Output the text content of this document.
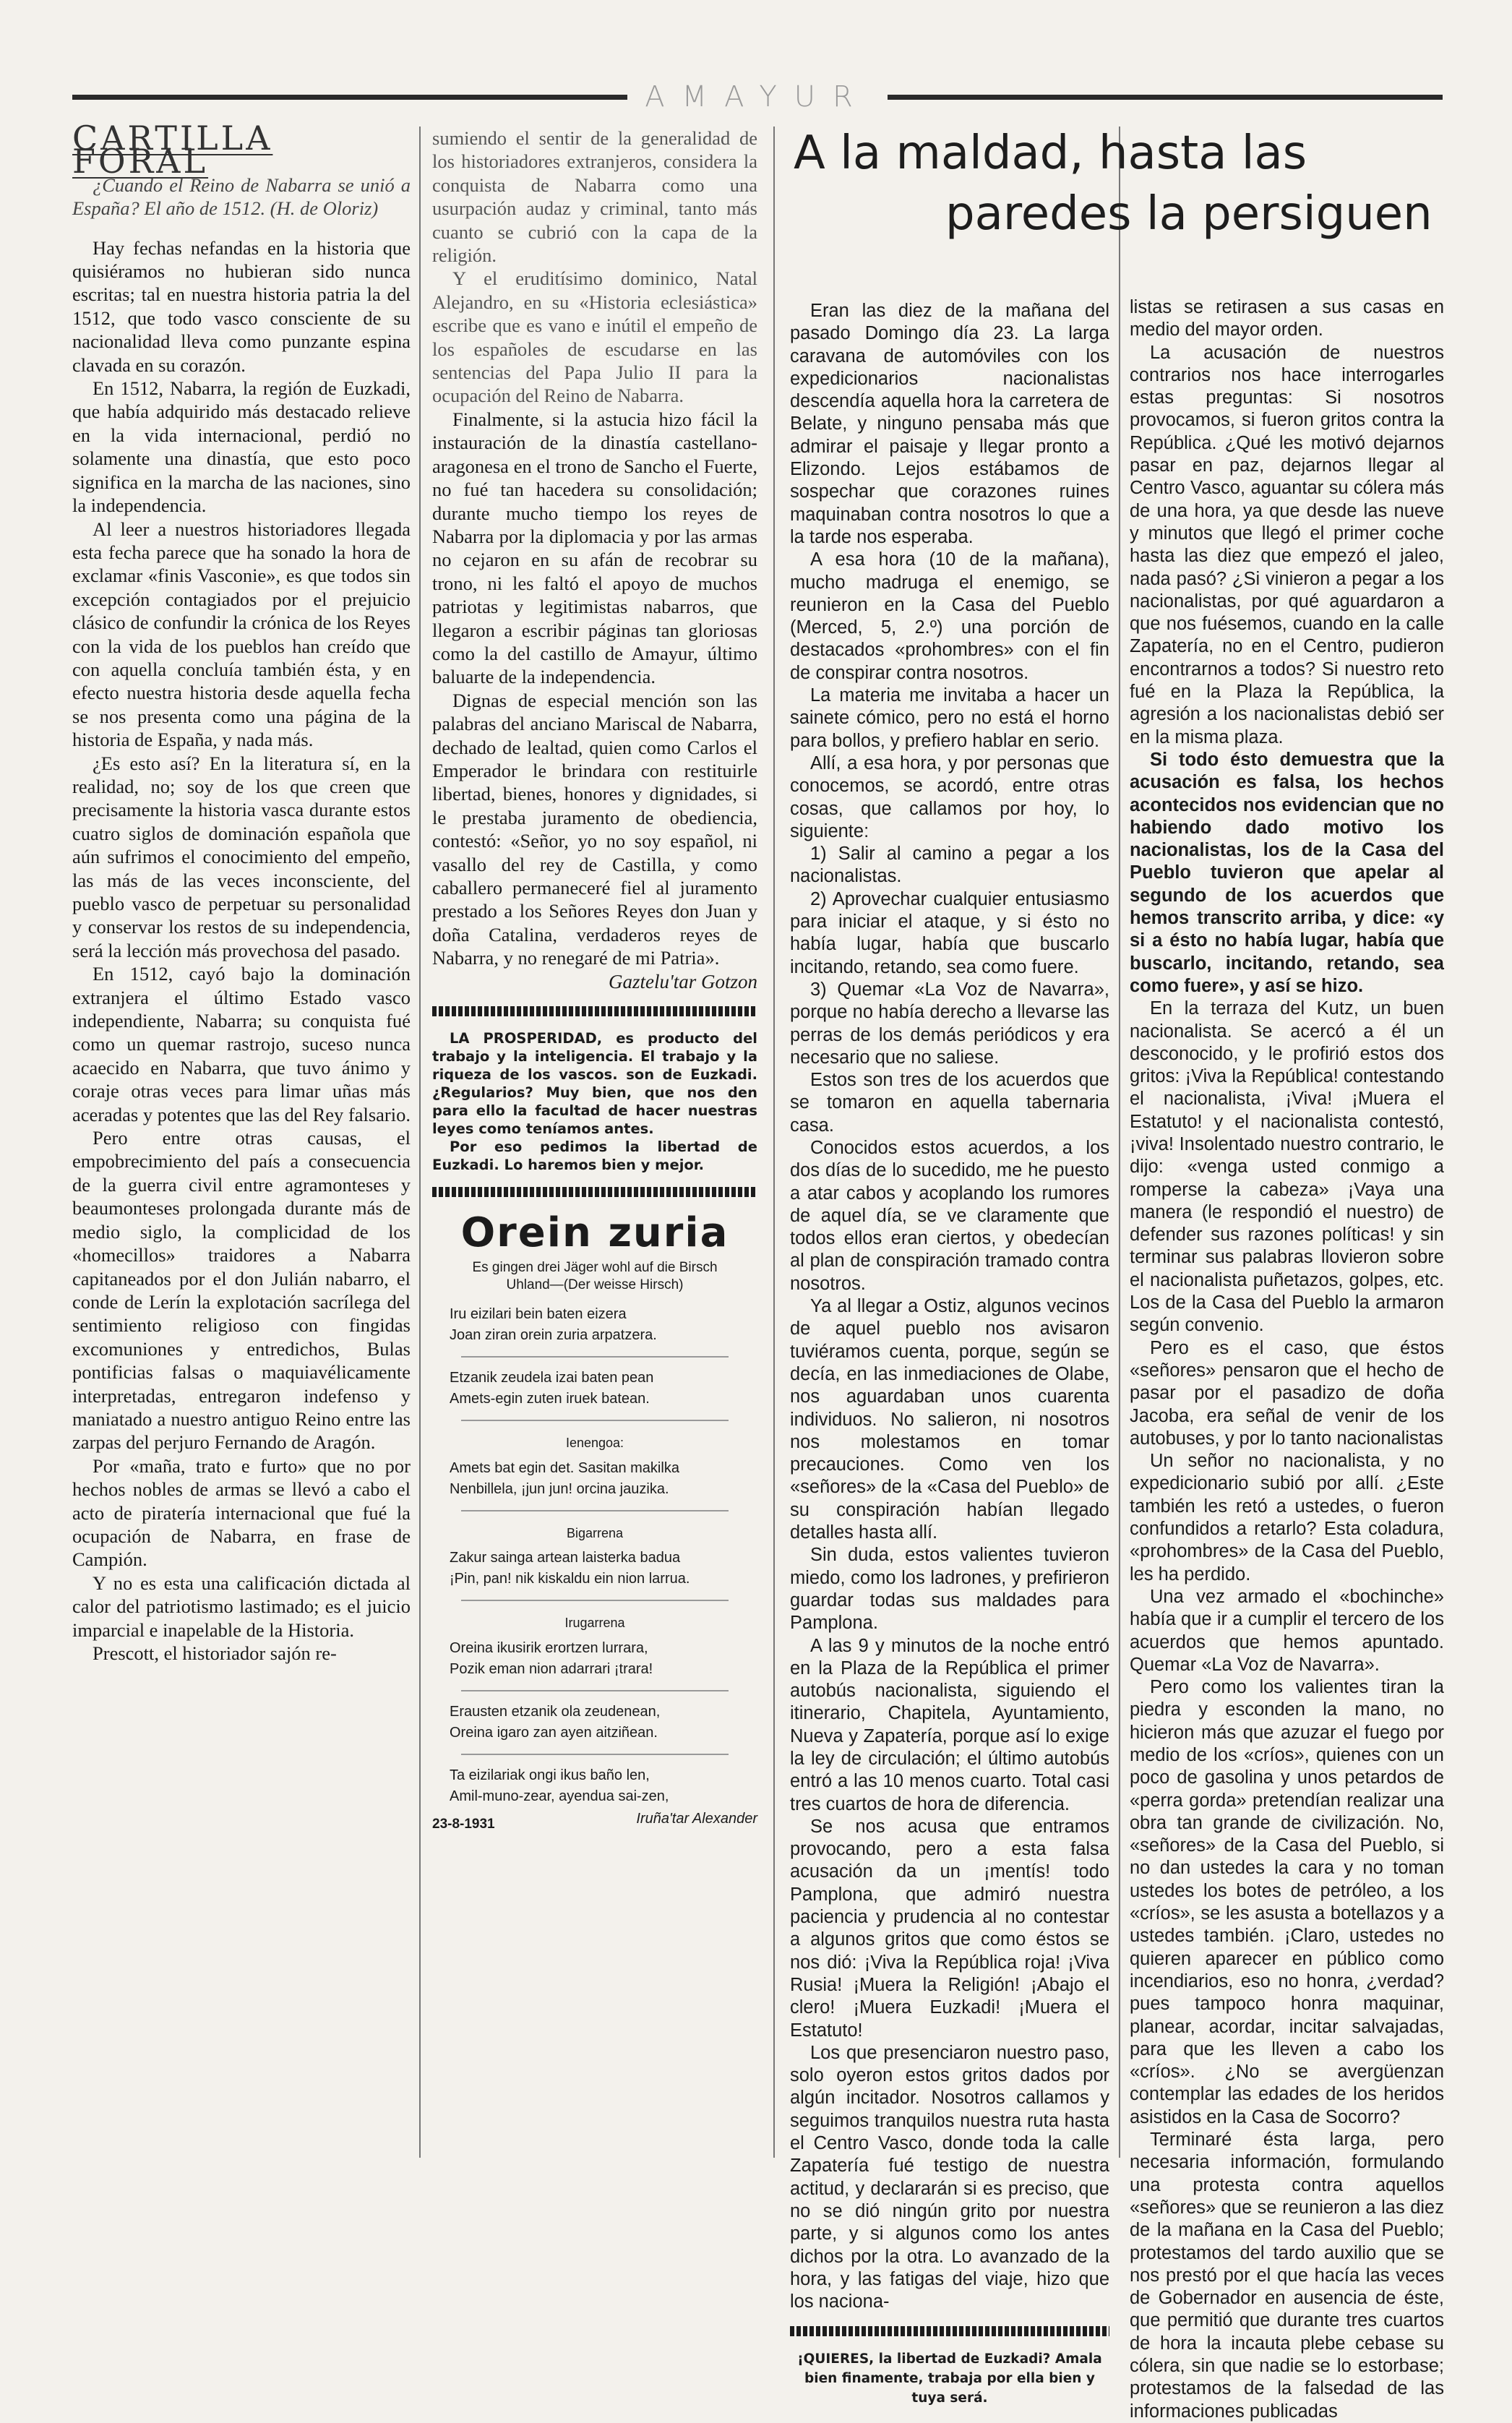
AMAYUR

CARTILLA FORAL

¿Cuando el Reino de Nabarra se unió a España? El año de 1512. (H. de Oloriz)

Hay fechas nefandas en la historia que quisiéramos no hubieran sido nunca escritas; tal en nuestra historia patria la del 1512, que todo vasco consciente de su nacionalidad lleva como punzante espina clavada en su corazón.

En 1512, Nabarra, la región de Euzkadi, que había adquirido más destacado relieve en la vida internacional, perdió no solamente una dinastía, que esto poco significa en la marcha de las naciones, sino la independencia.

Al leer a nuestros historiadores llegada esta fecha parece que ha sonado la hora de exclamar «finis Vasconie», es que todos sin excepción contagiados por el prejuicio clásico de confundir la crónica de los Reyes con la vida de los pueblos han creído que con aquella concluía también ésta, y en efecto nuestra historia desde aquella fecha se nos presenta como una página de la historia de España, y nada más.

¿Es esto así? En la literatura sí, en la realidad, no; soy de los que creen que precisamente la historia vasca durante estos cuatro siglos de dominación española que aún sufrimos el conocimiento del empeño, las más de las veces inconsciente, del pueblo vasco de perpetuar su personalidad y conservar los restos de su independencia, será la lección más provechosa del pasado.

En 1512, cayó bajo la dominación extranjera el último Estado vasco independiente, Nabarra; su conquista fué como un quemar rastrojo, suceso nunca acaecido en Nabarra, que tuvo ánimo y coraje otras veces para limar uñas más aceradas y potentes que las del Rey falsario.

Pero entre otras causas, el empobrecimiento del país a consecuencia de la guerra civil entre agramonteses y beaumonteses prolongada durante más de medio siglo, la complicidad de los «homecillos» traidores a Nabarra capitaneados por el don Julián nabarro, el conde de Lerín la explotación sacrílega del sentimiento religioso con fingidas excomuniones y entredichos, Bulas pontificias falsas o maquiavélicamente interpretadas, entregaron indefenso y maniatado a nuestro antiguo Reino entre las zarpas del perjuro Fernando de Aragón.

Por «maña, trato e furto» que no por hechos nobles de armas se llevó a cabo el acto de piratería internacional que fué la ocupación de Nabarra, en frase de Campión.

Y no es esta una calificación dictada al calor del patriotismo lastimado; es el juicio imparcial e inapelable de la Historia.

Prescott, el historiador sajón re-

sumiendo el sentir de la generalidad de los historiadores extranjeros, considera la conquista de Nabarra como una usurpación audaz y criminal, tanto más cuanto se cubrió con la capa de la religión.

Y el eruditísimo dominico, Natal Alejandro, en su «Historia eclesiástica» escribe que es vano e inútil el empeño de los españoles de escudarse en las sentencias del Papa Julio II para la ocupación del Reino de Nabarra.

Finalmente, si la astucia hizo fácil la instauración de la dinastía castellano-aragonesa en el trono de Sancho el Fuerte, no fué tan hacedera su consolidación; durante mucho tiempo los reyes de Nabarra por la diplomacia y por las armas no cejaron en su afán de recobrar su trono, ni les faltó el apoyo de muchos patriotas y legitimistas nabarros, que llegaron a escribir páginas tan gloriosas como la del castillo de Amayur, último baluarte de la independencia.

Dignas de especial mención son las palabras del anciano Mariscal de Nabarra, dechado de lealtad, quien como Carlos el Emperador le brindara con restituirle libertad, bienes, honores y dignidades, si le prestaba juramento de obediencia, contestó: «Señor, yo no soy español, ni vasallo del rey de Castilla, y como caballero permaneceré fiel al juramento prestado a los Señores Reyes don Juan y doña Catalina, verdaderos reyes de Nabarra, y no renegaré de mi Patria».

Gaztelu'tar Gotzon

LA PROSPERIDAD, es producto del trabajo y la inteligencia. El trabajo y la riqueza de los vascos. son de Euzkadi. ¿Regularios? Muy bien, que nos den para ello la facultad de hacer nuestras leyes como teníamos antes.

Por eso pedimos la libertad de Euzkadi. Lo haremos bien y mejor.

Orein zuria
Es gingen drei Jäger wohl auf die Birsch
Uhland—(Der weisse Hirsch)
Iru eizilari bein baten eizera
Joan ziran orein zuria arpatzera.
Etzanik zeudela izai baten pean
Amets-egin zuten iruek batean.
Ienengoa:
Amets bat egin det. Sasitan makilka
Nenbillela, ¡jun jun! orcina jauzika.
Bigarrena
Zakur sainga artean laisterka badua
¡Pin, pan! nik kiskaldu ein nion larrua.
Irugarrena
Oreina ikusirik erortzen lurrara,
Pozik eman nion adarrari ¡trara!
Erausten etzanik ola zeudenean,
Oreina igaro zan ayen aitziñean.
Ta eizilariak ongi ikus baño len,
Amil-muno-zear, ayendua sai-zen,
Iruña'tar Alexander
23-8-1931
A la maldad, hasta las
paredes la persiguen

Eran las diez de la mañana del pasado Domingo día 23. La larga caravana de automóviles con los expedicionarios nacionalistas descendía aquella hora la carretera de Belate, y ninguno pensaba más que admirar el paisaje y llegar pronto a Elizondo. Lejos estábamos de sospechar que corazones ruines maquinaban contra nosotros lo que a la tarde nos esperaba.

A esa hora (10 de la mañana), mucho madruga el enemigo, se reunieron en la Casa del Pueblo (Merced, 5, 2.º) una porción de destacados «prohombres» con el fin de conspirar contra nosotros.

La materia me invitaba a hacer un sainete cómico, pero no está el horno para bollos, y prefiero hablar en serio.

Allí, a esa hora, y por personas que conocemos, se acordó, entre otras cosas, que callamos por hoy, lo siguiente:

1) Salir al camino a pegar a los nacionalistas.

2) Aprovechar cualquier entusiasmo para iniciar el ataque, y si ésto no había lugar, había que buscarlo incitando, retando, sea como fuere.

3) Quemar «La Voz de Navarra», porque no había derecho a llevarse las perras de los demás periódicos y era necesario que no saliese.

Estos son tres de los acuerdos que se tomaron en aquella tabernaria casa.

Conocidos estos acuerdos, a los dos días de lo sucedido, me he puesto a atar cabos y acoplando los rumores de aquel día, se ve claramente que todos ellos eran ciertos, y obedecían al plan de conspiración tramado contra nosotros.

Ya al llegar a Ostiz, algunos vecinos de aquel pueblo nos avisaron tuviéramos cuenta, porque, según se decía, en las inmediaciones de Olabe, nos aguardaban unos cuarenta individuos. No salieron, ni nosotros nos molestamos en tomar precauciones. Como ven los «señores» de la «Casa del Pueblo» de su conspiración habían llegado detalles hasta allí.

Sin duda, estos valientes tuvieron miedo, como los ladrones, y prefirieron guardar todas sus maldades para Pamplona.

A las 9 y minutos de la noche entró en la Plaza de la República el primer autobús nacionalista, siguiendo el itinerario, Chapitela, Ayuntamiento, Nueva y Zapatería, porque así lo exige la ley de circulación; el último autobús entró a las 10 menos cuarto. Total casi tres cuartos de hora de diferencia.

Se nos acusa que entramos provocando, pero a esta falsa acusación da un ¡mentís! todo Pamplona, que admiró nuestra paciencia y prudencia al no contestar a algunos gritos que como éstos se nos dió: ¡Viva la República roja! ¡Viva Rusia! ¡Muera la Religión! ¡Abajo el clero! ¡Muera Euzkadi! ¡Muera el Estatuto!

Los que presenciaron nuestro paso, solo oyeron estos gritos dados por algún incitador. Nosotros callamos y seguimos tranquilos nuestra ruta hasta el Centro Vasco, donde toda la calle Zapatería fué testigo de nuestra actitud, y declararán si es preciso, que no se dió ningún grito por nuestra parte, y si algunos como los antes dichos por la otra. Lo avanzado de la hora, y las fatigas del viaje, hizo que los naciona-

¡QUIERES, la libertad de Euzkadi? Amala bien finamente, trabaja por ella bien y tuya será.

listas se retirasen a sus casas en medio del mayor orden.

La acusación de nuestros contrarios nos hace interrogarles estas preguntas: Si nosotros provocamos, si fueron gritos contra la República. ¿Qué les motivó dejarnos pasar en paz, dejarnos llegar al Centro Vasco, aguantar su cólera más de una hora, ya que desde las nueve y minutos que llegó el primer coche hasta las diez que empezó el jaleo, nada pasó? ¿Si vinieron a pegar a los nacionalistas, por qué aguardaron a que nos fuésemos, cuando en la calle Zapatería, no en el Centro, pudieron encontrarnos a todos? Si nuestro reto fué en la Plaza la República, la agresión a los nacionalistas debió ser en la misma plaza.

Si todo ésto demuestra que la acusación es falsa, los hechos acontecidos nos evidencian que no habiendo dado motivo los nacionalistas, los de la Casa del Pueblo tuvieron que apelar al segundo de los acuerdos que hemos transcrito arriba, y dice: «y si a ésto no había lugar, había que buscarlo, incitando, retando, sea como fuere», y así se hizo.

En la terraza del Kutz, un buen nacionalista. Se acercó a él un desconocido, y le profirió estos dos gritos: ¡Viva la República! contestando el nacionalista, ¡Viva! ¡Muera el Estatuto! y el nacionalista contestó, ¡viva! Insolentado nuestro contrario, le dijo: «venga usted conmigo a romperse la cabeza» ¡Vaya una manera (le respondió el nuestro) de defender sus razones políticas! y sin terminar sus palabras llovieron sobre el nacionalista puñetazos, golpes, etc. Los de la Casa del Pueblo la armaron según convenio.

Pero es el caso, que éstos «señores» pensaron que el hecho de pasar por el pasadizo de doña Jacoba, era señal de venir de los autobuses, y por lo tanto nacionalistas

Un señor no nacionalista, y no expedicionario subió por allí. ¿Este también les retó a ustedes, o fueron confundidos a retarlo? Esta coladura, «prohombres» de la Casa del Pueblo, les ha perdido.

Una vez armado el «bochinche» había que ir a cumplir el tercero de los acuerdos que hemos apuntado. Quemar «La Voz de Navarra».

Pero como los valientes tiran la piedra y esconden la mano, no hicieron más que azuzar el fuego por medio de los «críos», quienes con un poco de gasolina y unos petardos de «perra gorda» pretendían realizar una obra tan grande de civilización. No, «señores» de la Casa del Pueblo, si no dan ustedes la cara y no toman ustedes los botes de petróleo, a los «críos», se les asusta a botellazos y a ustedes también. ¡Claro, ustedes no quieren aparecer en público como incendiarios, eso no honra, ¿verdad? pues tampoco honra maquinar, planear, acordar, incitar salvajadas, para que les lleven a cabo los «críos». ¿No se avergüenzan contemplar las edades de los heridos asistidos en la Casa de Socorro?

Terminaré ésta larga, pero necesaria información, formulando una protesta contra aquellos «señores» que se reunieron a las diez de la mañana en la Casa del Pueblo; protestamos del tardo auxilio que se nos prestó por el que hacía las veces de Gobernador en ausencia de éste, que permitió que durante tres cuartos de hora la incauta plebe cebase su cólera, sin que nadie se lo estorbase; protestamos de la falsedad de las informaciones publicadas
